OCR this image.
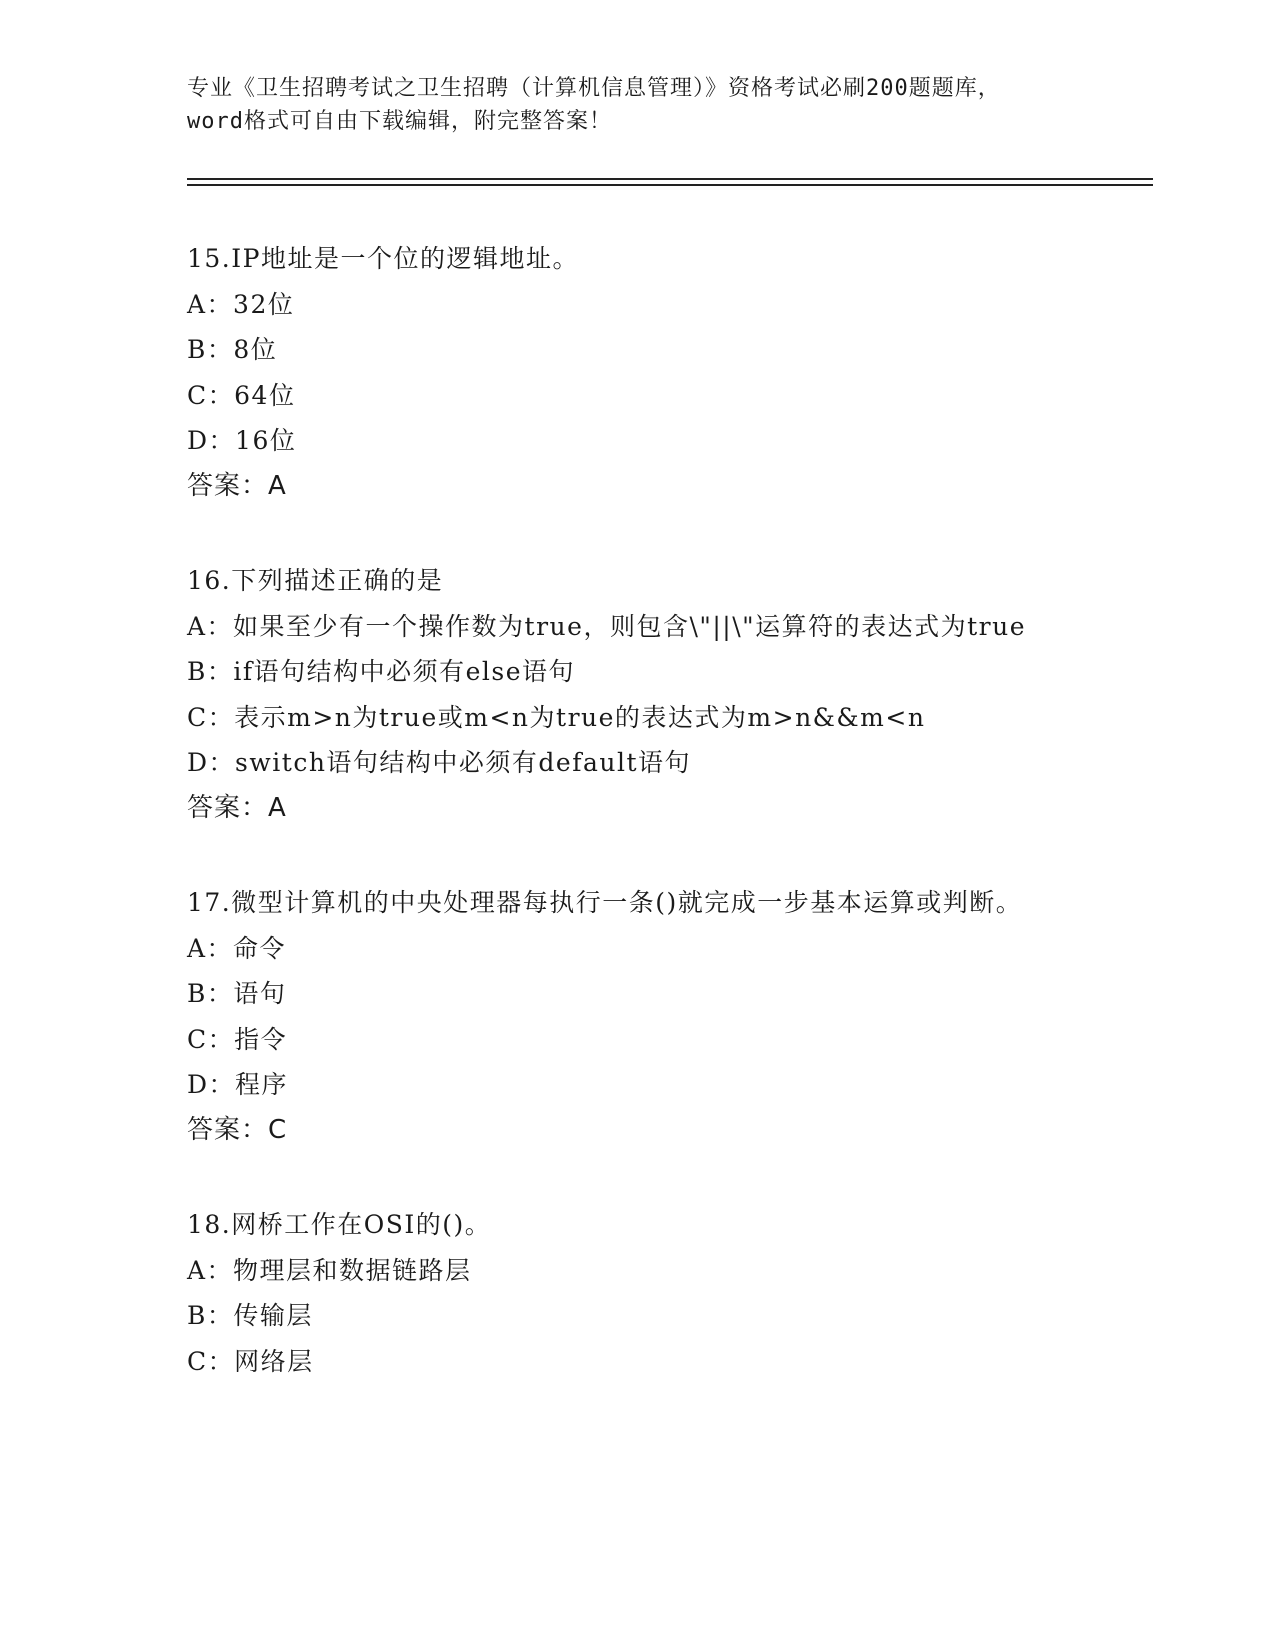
专业《卫生招聘考试之卫生招聘（计算机信息管理）》资格考试必刷200题题库，
word格式可自由下载编辑，附完整答案！
15.IP地址是一个位的逻辑地址。
A：32位
B：8位
C：64位
D：16位
答案：A
16.下列描述正确的是
A：如果至少有一个操作数为true，则包含\"||\"运算符的表达式为true
B：if语句结构中必须有else语句
C：表示m>n为true或m<n为true的表达式为m>n&&m<n
D：switch语句结构中必须有default语句
答案：A
17.微型计算机的中央处理器每执行一条()就完成一步基本运算或判断。
A：命令
B：语句
C：指令
D：程序
答案：C
18.网桥工作在OSI的()。
A：物理层和数据链路层
B：传输层
C：网络层
